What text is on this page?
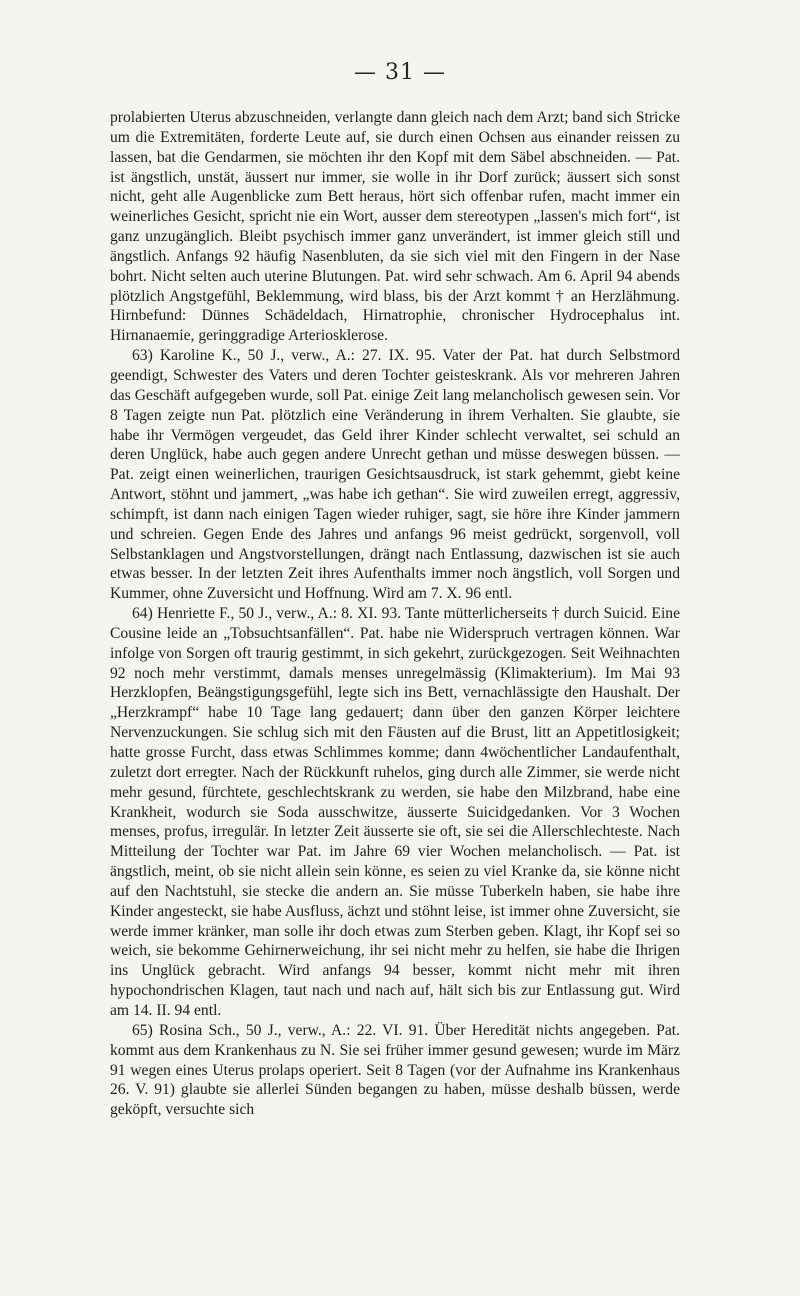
— 31 —

prolabierten Uterus abzuschneiden, verlangte dann gleich nach dem Arzt; band sich Stricke um die Extremitäten, forderte Leute auf, sie durch einen Ochsen aus einander reissen zu lassen, bat die Gendarmen, sie möchten ihr den Kopf mit dem Säbel abschneiden. — Pat. ist ängstlich, unstät, äussert nur immer, sie wolle in ihr Dorf zurück; äussert sich sonst nicht, geht alle Augenblicke zum Bett heraus, hört sich offenbar rufen, macht immer ein weinerliches Gesicht, spricht nie ein Wort, ausser dem stereotypen „lassen's mich fort“, ist ganz unzugänglich. Bleibt psychisch immer ganz unverändert, ist immer gleich still und ängstlich. Anfangs 92 häufig Nasenbluten, da sie sich viel mit den Fingern in der Nase bohrt. Nicht selten auch uterine Blutungen. Pat. wird sehr schwach. Am 6. April 94 abends plötzlich Angstgefühl, Beklemmung, wird blass, bis der Arzt kommt † an Herzlähmung. Hirnbefund: Dünnes Schädeldach, Hirnatrophie, chronischer Hydrocephalus int. Hirnanaemie, geringgradige Arteriosklerose.

63) Karoline K., 50 J., verw., A.: 27. IX. 95. Vater der Pat. hat durch Selbstmord geendigt, Schwester des Vaters und deren Tochter geisteskrank. Als vor mehreren Jahren das Geschäft aufgegeben wurde, soll Pat. einige Zeit lang melancholisch gewesen sein. Vor 8 Tagen zeigte nun Pat. plötzlich eine Veränderung in ihrem Verhalten. Sie glaubte, sie habe ihr Vermögen vergeudet, das Geld ihrer Kinder schlecht verwaltet, sei schuld an deren Unglück, habe auch gegen andere Unrecht gethan und müsse deswegen büssen. — Pat. zeigt einen weinerlichen, traurigen Gesichtsausdruck, ist stark gehemmt, giebt keine Antwort, stöhnt und jammert, „was habe ich gethan“. Sie wird zuweilen erregt, aggressiv, schimpft, ist dann nach einigen Tagen wieder ruhiger, sagt, sie höre ihre Kinder jammern und schreien. Gegen Ende des Jahres und anfangs 96 meist gedrückt, sorgenvoll, voll Selbstanklagen und Angstvorstellungen, drängt nach Entlassung, dazwischen ist sie auch etwas besser. In der letzten Zeit ihres Aufenthalts immer noch ängstlich, voll Sorgen und Kummer, ohne Zuversicht und Hoffnung. Wird am 7. X. 96 entl.

64) Henriette F., 50 J., verw., A.: 8. XI. 93. Tante mütterlicherseits † durch Suicid. Eine Cousine leide an „Tobsuchtsanfällen“. Pat. habe nie Widerspruch vertragen können. War infolge von Sorgen oft traurig gestimmt, in sich gekehrt, zurückgezogen. Seit Weihnachten 92 noch mehr verstimmt, damals menses unregelmässig (Klimakterium). Im Mai 93 Herzklopfen, Beängstigungsgefühl, legte sich ins Bett, vernachlässigte den Haushalt. Der „Herzkrampf“ habe 10 Tage lang gedauert; dann über den ganzen Körper leichtere Nervenzuckungen. Sie schlug sich mit den Fäusten auf die Brust, litt an Appetitlosigkeit; hatte grosse Furcht, dass etwas Schlimmes komme; dann 4wöchentlicher Landaufenthalt, zuletzt dort erregter. Nach der Rückkunft ruhelos, ging durch alle Zimmer, sie werde nicht mehr gesund, fürchtete, geschlechtskrank zu werden, sie habe den Milzbrand, habe eine Krankheit, wodurch sie Soda ausschwitze, äusserte Suicidgedanken. Vor 3 Wochen menses, profus, irregulär. In letzter Zeit äusserte sie oft, sie sei die Allerschlechteste. Nach Mitteilung der Tochter war Pat. im Jahre 69 vier Wochen melancholisch. — Pat. ist ängstlich, meint, ob sie nicht allein sein könne, es seien zu viel Kranke da, sie könne nicht auf den Nachtstuhl, sie stecke die andern an. Sie müsse Tuberkeln haben, sie habe ihre Kinder angesteckt, sie habe Ausfluss, ächzt und stöhnt leise, ist immer ohne Zuversicht, sie werde immer kränker, man solle ihr doch etwas zum Sterben geben. Klagt, ihr Kopf sei so weich, sie bekomme Gehirnerweichung, ihr sei nicht mehr zu helfen, sie habe die Ihrigen ins Unglück gebracht. Wird anfangs 94 besser, kommt nicht mehr mit ihren hypochondrischen Klagen, taut nach und nach auf, hält sich bis zur Entlassung gut. Wird am 14. II. 94 entl.

65) Rosina Sch., 50 J., verw., A.: 22. VI. 91. Über Heredität nichts angegeben. Pat. kommt aus dem Krankenhaus zu N. Sie sei früher immer gesund gewesen; wurde im März 91 wegen eines Uterus prolaps operiert. Seit 8 Tagen (vor der Aufnahme ins Krankenhaus 26. V. 91) glaubte sie allerlei Sünden begangen zu haben, müsse deshalb büssen, werde geköpft, versuchte sich
